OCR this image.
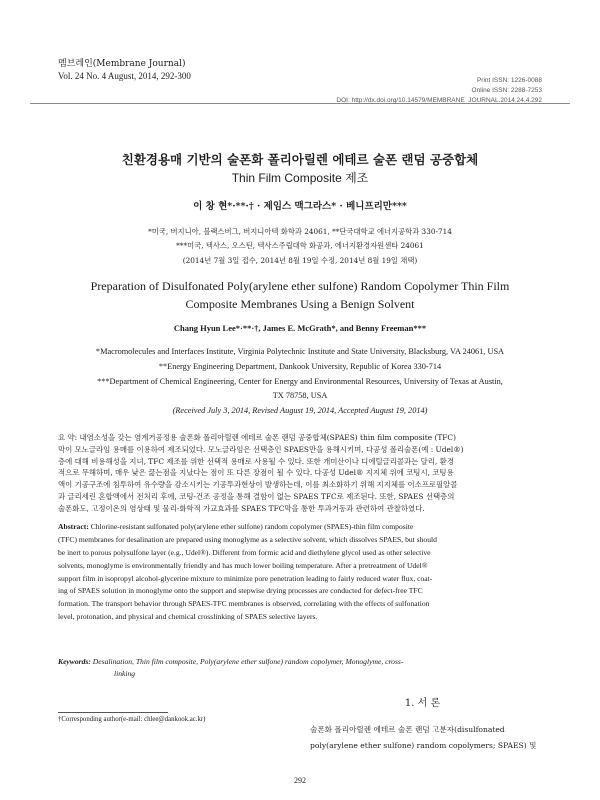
멤브레인(Membrane Journal)
Vol. 24 No. 4 August, 2014, 292-300	Print ISSN: 1226-0088
Online ISSN: 2288-7253
DOI: http://dx.doi.org/10.14579/MEMBRANE_JOURNAL.2014.24.4.292
친환경용매 기반의 술폰화 폴리아릴렌 에테르 술폰 랜덤 공중합체
Thin Film Composite 제조
이 창 현*·**·† · 제임스 맥그라스* · 베니프리만***
*미국, 버지니아, 블랙스버그, 버지니아텍 화학과 24061, **단국대학교 에너지공학과 330-714
***미국, 텍사스, 오스틴, 텍사스주립대학 화공과, 에너지환경자원센타 24061
(2014년 7월 3일 접수, 2014년 8월 19일 수정, 2014년 8월 19일 채택)
Preparation of Disulfonated Poly(arylene ether sulfone) Random Copolymer Thin Film
Composite Membranes Using a Benign Solvent
Chang Hyun Lee*·**·†, James E. McGrath*, and Benny Freeman***
*Macromolecules and Interfaces Institute, Virginia Polytechnic Institute and State University, Blacksburg, VA 24061, USA
**Energy Engineering Department, Dankook University, Republic of Korea 330-714
***Department of Chemical Engineering, Center for Energy and Environmental Resources, University of Texas at Austin,
TX 78758, USA
(Received July 3, 2014, Revised August 19, 2014, Accepted August 19, 2014)
요 약: 내염소성을 갖는 염계거공정용 술폰화 폴리아릴렌 에테르 술폰 랜덤 공중합체(SPAES) thin film composite (TFC)
막이 모노글라임 용매를 이용하여 제조되었다. 모노글라임은 선택층인 SPAES만을 용해시키며, 다공성 폴리술폰(예 : Udel®)
층에 대해 비용해성을 지녀, TFC 제조를 위한 선택적 용매로 사용될 수 있다. 또한 개미산이나 디에틸글리콜과는 달리, 환경
적으로 무해하며, 매우 낮은 끓는점을 지났다는 점이 또 다른 장점이 될 수 있다. 다공성 Udel® 지지체 위에 코팅시, 코팅용
액이 기공구조에 침투하여 유수량을 감소시키는 기공투과현상이 발생하는데, 이를 최소화하기 위해 지지체를 이소프로필알콜
과 글리세린 혼합액에서 전처리 후에, 코팅-건조 공정을 통해 결함이 없는 SPAES TFC로 제조된다. 또한, SPAES 선택층의
술폰화도, 고정이온의 염상태 및 물리-화학적 가교효과를 SPAES TFC막을 통한 투과거동과 관련하여 관찰하였다.
Abstract: Chlorine-resistant sulfonated poly(arylene ether sulfone) random copolymer (SPAES)-thin film composite
(TFC) membranes for desalination are prepared using monoglyme as a selective solvent, which dissolves SPAES, but should
be inert to porous polysulfone layer (e.g., Udel®). Different from formic acid and diethylene glycol used as other selective
solvents, monoglyme is environmentally friendly and has much lower boiling temperature. After a pretreatment of Udel®
support film in isopropyl alcohol-glycerine mixture to minimize pore penetration leading to fairly reduced water flux, coat-
ing of SPAES solution in monoglyme onto the support and stepwise drying processes are conducted for defect-free TFC
formation. The transport behavior through SPAES-TFC membranes is observed, correlating with the effects of sulfonation
level, protonation, and physical and chemical crosslinking of SPAES selective layers.
Keywords: Desalination, Thin film composite, Poly(arylene ether sulfone) random copolymer, Monoglyme, cross-
linking
1. 서 론
술폰화 폴리아릴렌 에테르 술폰 랜덤 고분자(disulfonated
poly(arylene ether sulfone) random copolymers; SPAES) 및
†Corresponding author(e-mail: chlee@dankook.ac.kr)
292
